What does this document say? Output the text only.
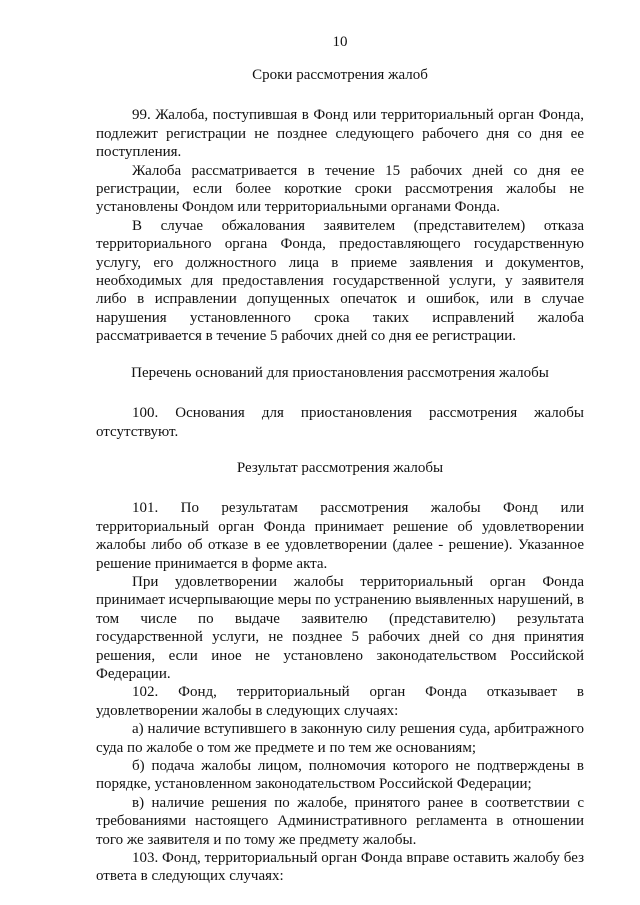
10
Сроки рассмотрения жалоб

99. Жалоба, поступившая в Фонд или территориальный орган Фонда, подлежит регистрации не позднее следующего рабочего дня со дня ее поступления.

Жалоба рассматривается в течение 15 рабочих дней со дня ее регистрации, если более короткие сроки рассмотрения жалобы не установлены Фондом или территориальными органами Фонда.

В случае обжалования заявителем (представителем) отказа территориального органа Фонда, предоставляющего государственную услугу, его должностного лица в приеме заявления и документов, необходимых для предоставления государственной услуги, у заявителя либо в исправлении допущенных опечаток и ошибок, или в случае нарушения установленного срока таких исправлений жалоба рассматривается в течение 5 рабочих дней со дня ее регистрации.

Перечень оснований для приостановления рассмотрения жалобы

100. Основания для приостановления рассмотрения жалобы отсутствуют.

Результат рассмотрения жалобы

101. По результатам рассмотрения жалобы Фонд или территориальный орган Фонда принимает решение об удовлетворении жалобы либо об отказе в ее удовлетворении (далее - решение). Указанное решение принимается в форме акта.

При удовлетворении жалобы территориальный орган Фонда принимает исчерпывающие меры по устранению выявленных нарушений, в том числе по выдаче заявителю (представителю) результата государственной услуги, не позднее 5 рабочих дней со дня принятия решения, если иное не установлено законодательством Российской Федерации.

102. Фонд, территориальный орган Фонда отказывает в удовлетворении жалобы в следующих случаях:

а) наличие вступившего в законную силу решения суда, арбитражного суда по жалобе о том же предмете и по тем же основаниям;

б) подача жалобы лицом, полномочия которого не подтверждены в порядке, установленном законодательством Российской Федерации;

в) наличие решения по жалобе, принятого ранее в соответствии с требованиями настоящего Административного регламента в отношении того же заявителя и по тому же предмету жалобы.

103. Фонд, территориальный орган Фонда вправе оставить жалобу без ответа в следующих случаях:
